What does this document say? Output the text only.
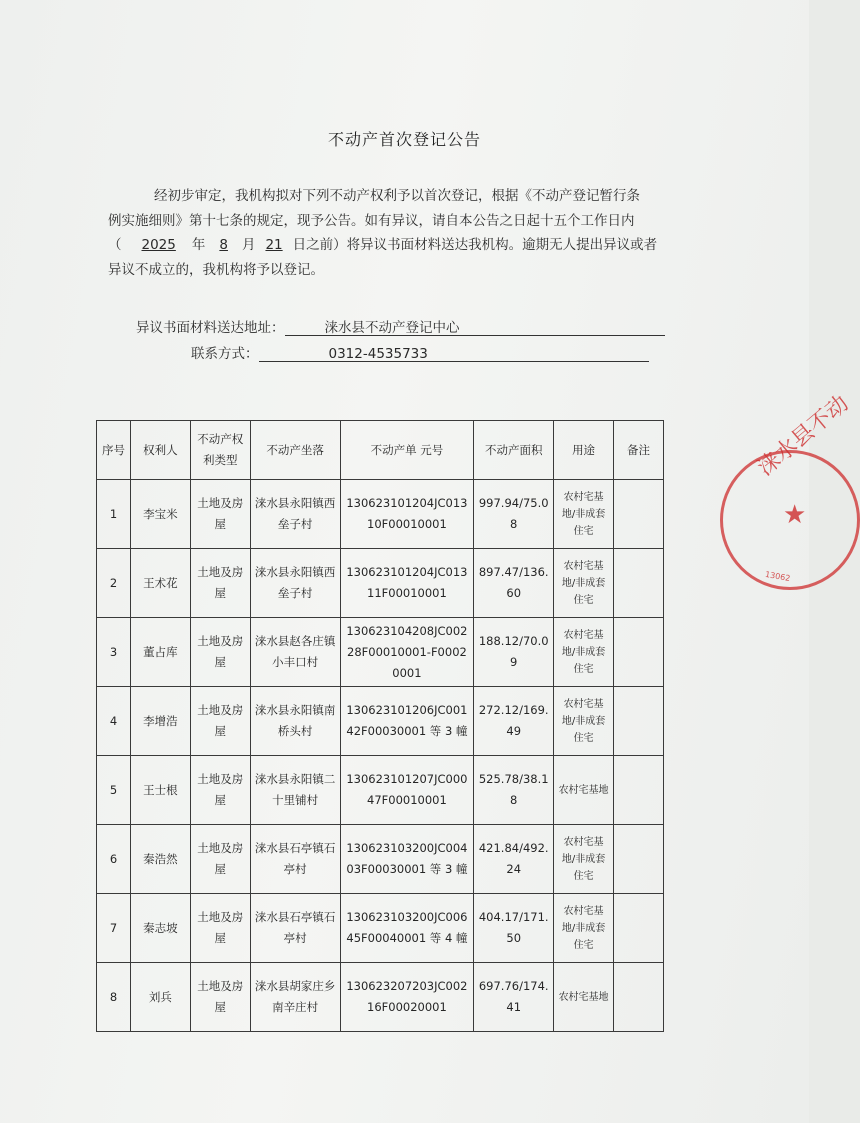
不动产首次登记公告
经初步审定，我机构拟对下列不动产权利予以首次登记，根据《不动产登记暂行条
例实施细则》第十七条的规定，现予公告。如有异议，请自本公告之日起十五个工作日内
（ 2025 年 8 月 21 日之前）将异议书面材料送达我机构。逾期无人提出异议或者
异议不成立的，我机构将予以登记。
异议书面材料送达地址：	涞水县不动产登记中心
联系方式：	0312-4535733
序号	权利人	不动产权利类型	不动产坐落	不动产单 元号	不动产面积	用途	备注
1	李宝米	土地及房屋	涞水县永阳镇西垒子村	130623101204JC01310F00010001	997.94/75.08	农村宅基地/非成套住宅	
2	王术花	土地及房屋	涞水县永阳镇西垒子村	130623101204JC01311F00010001	897.47/136.60	农村宅基地/非成套住宅	
3	董占库	土地及房屋	涞水县赵各庄镇小丰口村	130623104208JC00228F00010001-F00020001	188.12/70.09	农村宅基地/非成套住宅	
4	李增浩	土地及房屋	涞水县永阳镇南桥头村	130623101206JC00142F00030001 等 3 幢	272.12/169.49	农村宅基地/非成套住宅	
5	王士根	土地及房屋	涞水县永阳镇二十里铺村	130623101207JC00047F00010001	525.78/38.18	农村宅基地	
6	秦浩然	土地及房屋	涞水县石亭镇石亭村	130623103200JC00403F00030001 等 3 幢	421.84/492.24	农村宅基地/非成套住宅	
7	秦志坡	土地及房屋	涞水县石亭镇石亭村	130623103200JC00645F00040001 等 4 幢	404.17/171.50	农村宅基地/非成套住宅	
8	刘兵	土地及房屋	涞水县胡家庄乡南辛庄村	130623207203JC00216F00020001	697.76/174.41	农村宅基地	
涞水县不动
★
13062
